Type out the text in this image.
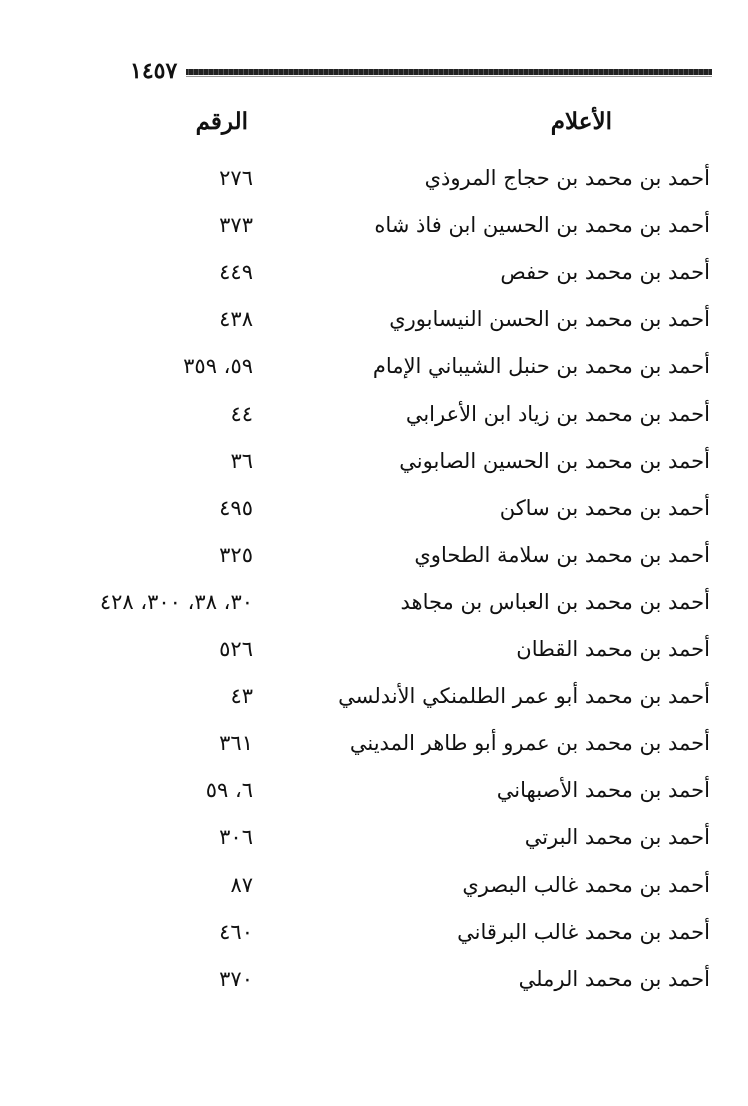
١٤٥٧
الأعلام
الرقم
أحمد بن محمد بن حجاج المروذي
٢٧٦
أحمد بن محمد بن الحسين ابن فاذ شاه
٣٧٣
أحمد بن محمد بن حفص
٤٤٩
أحمد بن محمد بن الحسن النيسابوري
٤٣٨
أحمد بن محمد بن حنبل الشيباني الإمام
٥٩، ٣٥٩
أحمد بن محمد بن زياد ابن الأعرابي
٤٤
أحمد بن محمد بن الحسين الصابوني
٣٦
أحمد بن محمد بن ساكن
٤٩٥
أحمد بن محمد بن سلامة الطحاوي
٣٢٥
أحمد بن محمد بن العباس بن مجاهد
٣٠، ٣٨، ٣٠٠، ٤٢٨
أحمد بن محمد القطان
٥٢٦
أحمد بن محمد أبو عمر الطلمنكي الأندلسي
٤٣
أحمد بن محمد بن عمرو أبو طاهر المديني
٣٦١
أحمد بن محمد الأصبهاني
٦، ٥٩
أحمد بن محمد البرتي
٣٠٦
أحمد بن محمد غالب البصري
٨٧
أحمد بن محمد غالب البرقاني
٤٦٠
أحمد بن محمد الرملي
٣٧٠
